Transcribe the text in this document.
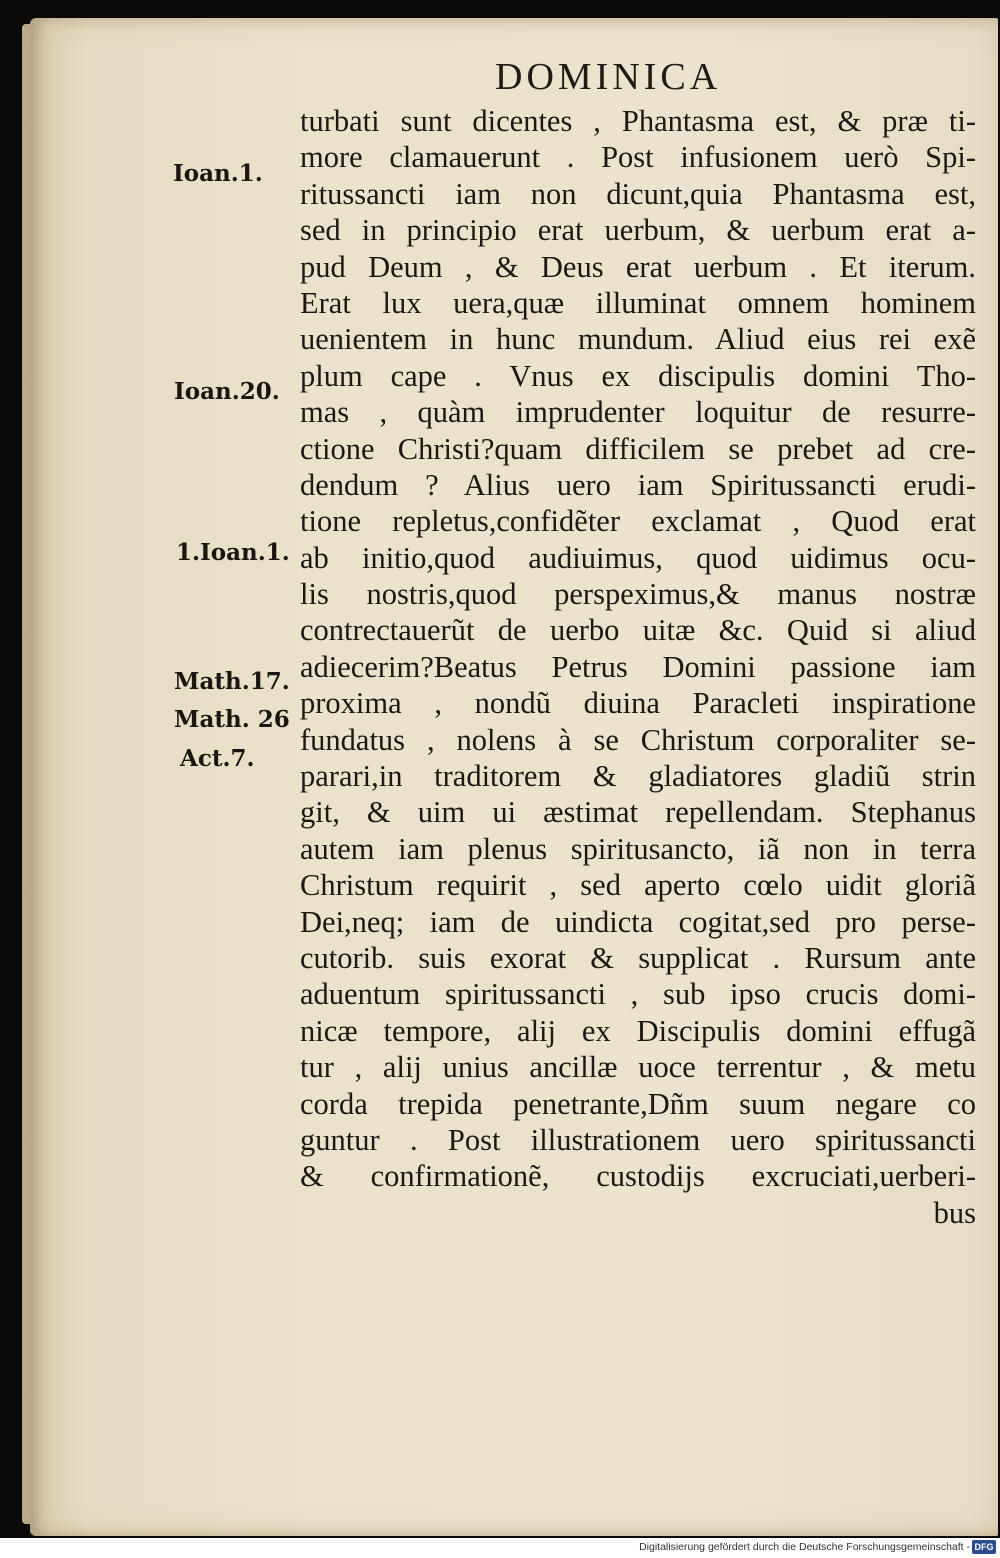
DOMINICA
turbati sunt dicentes , Phantasma est, & præ ti-
more clamauerunt . Post infusionem uerò Spi-
ritussancti iam non dicunt,quia Phantasma est,
sed in principio erat uerbum, & uerbum erat a-
pud Deum , & Deus erat uerbum . Et iterum.
Erat lux uera,quæ illuminat omnem hominem
uenientem in hunc mundum. Aliud eius rei exẽ
plum cape . Vnus ex discipulis domini Tho-
mas , quàm imprudenter loquitur de resurre-
ctione Christi?quam difficilem se prebet ad cre-
dendum ? Alius uero iam Spiritussancti erudi-
tione repletus,confidẽter exclamat , Quod erat
ab initio,quod audiuimus, quod uidimus ocu-
lis nostris,quod perspeximus,& manus nostræ
contrectauerũt de uerbo uitæ &c. Quid si aliud
adiecerim?Beatus Petrus Domini passione iam
proxima , nondũ diuina Paracleti inspiratione
fundatus , nolens à se Christum corporaliter se-
parari,in traditorem & gladiatores gladiũ strin
git, & uim ui æstimat repellendam. Stephanus
autem iam plenus spiritusancto, iã non in terra
Christum requirit , sed aperto cœlo uidit gloriã
Dei,neq; iam de uindicta cogitat,sed pro perse-
cutorib. suis exorat & supplicat . Rursum ante
aduentum spiritussancti , sub ipso crucis domi-
nicæ tempore, alij ex Discipulis domini effugã
tur , alij unius ancillæ uoce terrentur , & metu
corda trepida penetrante,Dñm suum negare co
guntur . Post illustrationem uero spiritussancti
& confirmationẽ, custodijs excruciati,uerberi-
bus
Ioan.1.
Ioan.20.
1.Ioan.1.
Math.17.
Math. 26
Act.7.
Digitalisierung gefördert durch die Deutsche Forschungsgemeinschaft - DFG
